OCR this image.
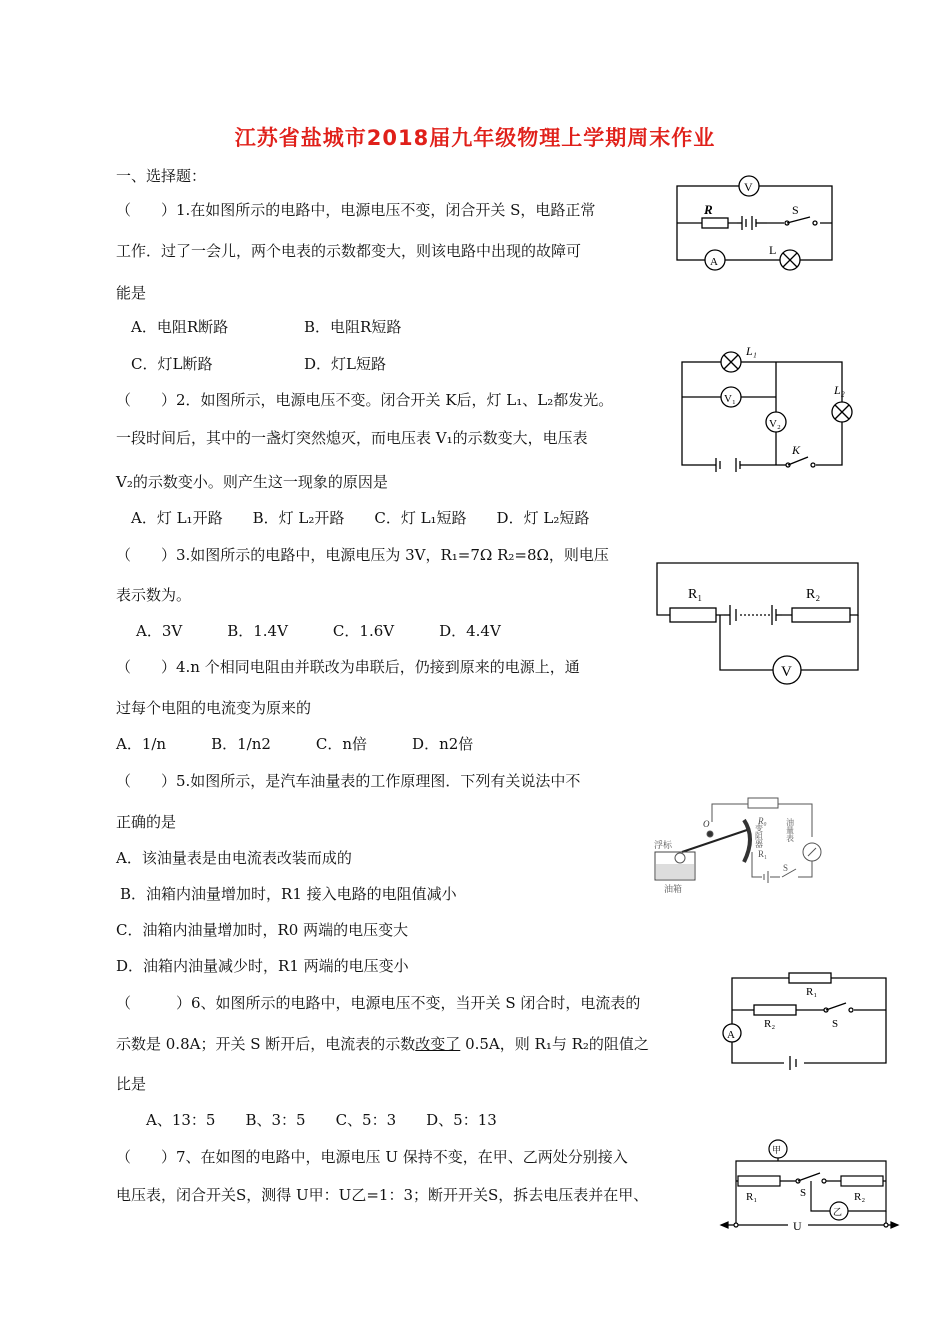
江苏省盐城市2018届九年级物理上学期周末作业
一、选择题：
（　　）1.在如图所示的电路中，电源电压不变，闭合开关 S，电路正常
工作．过了一会儿，两个电表的示数都变大，则该电路中出现的故障可
能是
A．电阻R断路	B．电阻R短路
C．灯L断路	D．灯L短路
（　　）2．如图所示，电源电压不变。闭合开关 K后，灯 L₁、L₂都发光。
一段时间后，其中的一盏灯突然熄灭，而电压表 V₁的示数变大，电压表
V₂的示数变小。则产生这一现象的原因是
A．灯 L₁开路　　B．灯 L₂开路　　C．灯 L₁短路　　D．灯 L₂短路
（　　）3.如图所示的电路中，电源电压为 3V，R₁=7Ω R₂=8Ω，则电压
表示数为。
A．3V　　　B．1.4V　　　C．1.6V　　　D．4.4V
（　　）4.n 个相同电阻由并联改为串联后，仍接到原来的电源上，通
过每个电阻的电流变为原来的
A．1/n　　　B．1/n2　　　C．n倍　　　D．n2倍
（　　）5.如图所示，是汽车油量表的工作原理图．下列有关说法中不
正确的是
A．该油量表是由电流表改装而成的
B．油箱内油量增加时，R1 接入电路的电阻值减小
C．油箱内油量增加时，R0 两端的电压变大
D．油箱内油量减少时，R1 两端的电压变小
（　　　）6、如图所示的电路中，电源电压不变，当开关 S 闭合时，电流表的
示数是 0.8A；开关 S 断开后，电流表的示数改变了 0.5A，则 R₁与 R₂的阻值之
比是
A、13：5　　B、3：5　　C、5：3　　D、5：13
（　　）7、在如图的电路中，电源电压 U 保持不变，在甲、乙两处分别接入
电压表，闭合开关S，测得 U甲：U乙=1：3；断开开关S，拆去电压表并在甲、
V
R	S
A
L
L₁
V₁
V₂
L₂
K
R₁	R₂
V
R₀ 油量表
S
变阻器
R₁
O
浮标
油箱
R₁
R₂	S
A
甲
R₁	S	R₂
乙
U
